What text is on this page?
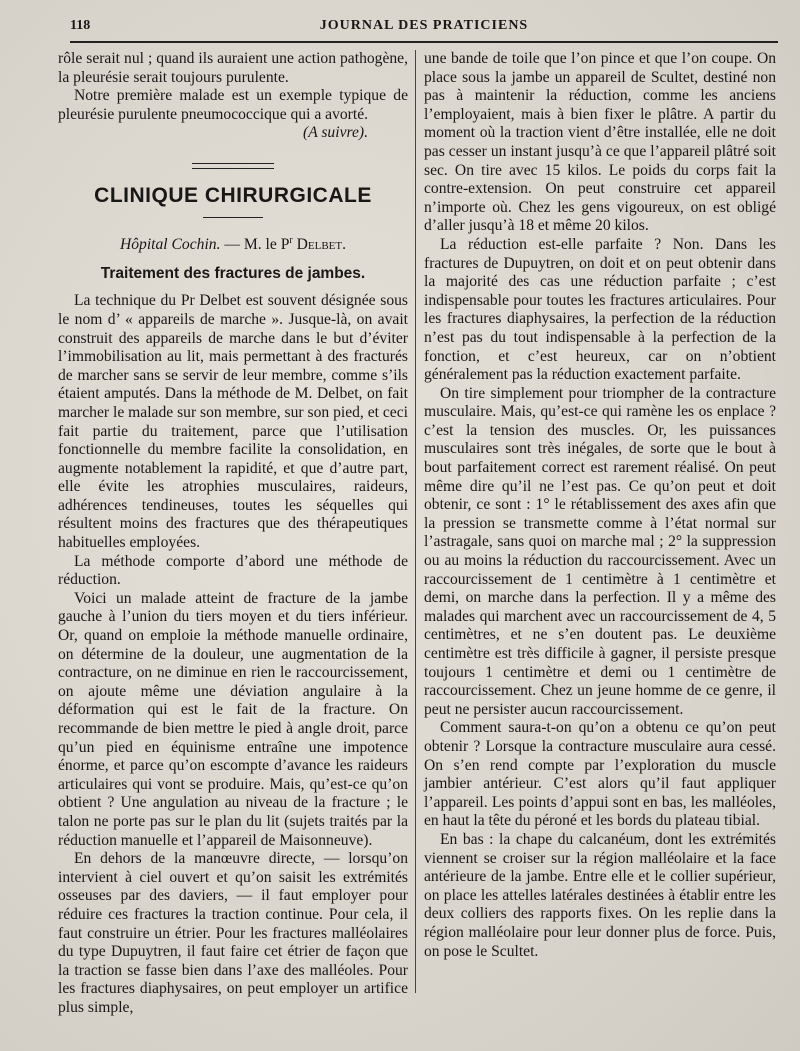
118	JOURNAL DES PRATICIENS

rôle serait nul ; quand ils auraient une action pathogène, la pleurésie serait toujours purulente.

Notre première malade est un exemple typique de pleurésie purulente pneumococcique qui a avorté.

(A suivre).

CLINIQUE CHIRURGICALE
Hôpital Cochin. — M. le $P^r$ Delbet.
Traitement des fractures de jambes.

La technique du Pr Delbet est souvent désignée sous le nom d’ « appareils de marche ». Jusque-là, on avait construit des appareils de marche dans le but d’éviter l’immobilisation au lit, mais permettant à des fracturés de marcher sans se servir de leur membre, comme s’ils étaient amputés. Dans la méthode de M. Delbet, on fait marcher le malade sur son membre, sur son pied, et ceci fait partie du traitement, parce que l’utilisation fonctionnelle du membre facilite la consolidation, en augmente notablement la rapidité, et que d’autre part, elle évite les atrophies musculaires, raideurs, adhérences tendineuses, toutes les séquelles qui résultent moins des fractures que des thérapeutiques habituelles employées.

La méthode comporte d’abord une méthode de réduction.

Voici un malade atteint de fracture de la jambe gauche à l’union du tiers moyen et du tiers inférieur. Or, quand on emploie la méthode manuelle ordinaire, on détermine de la douleur, une augmentation de la contracture, on ne diminue en rien le raccourcissement, on ajoute même une déviation angulaire à la déformation qui est le fait de la fracture. On recommande de bien mettre le pied à angle droit, parce qu’un pied en équinisme entraîne une impotence énorme, et parce qu’on escompte d’avance les raideurs articulaires qui vont se produire. Mais, qu’est-ce qu’on obtient ? Une angulation au niveau de la fracture ; le talon ne porte pas sur le plan du lit (sujets traités par la réduction manuelle et l’appareil de Maisonneuve).

En dehors de la manœuvre directe, — lorsqu’on intervient à ciel ouvert et qu’on saisit les extrémités osseuses par des daviers, — il faut employer pour réduire ces fractures la traction continue. Pour cela, il faut construire un étrier. Pour les fractures malléolaires du type Dupuytren, il faut faire cet étrier de façon que la traction se fasse bien dans l’axe des malléoles. Pour les fractures diaphysaires, on peut employer un artifice plus simple,

une bande de toile que l’on pince et que l’on coupe. On place sous la jambe un appareil de Scultet, destiné non pas à maintenir la réduction, comme les anciens l’employaient, mais à bien fixer le plâtre. A partir du moment où la traction vient d’être installée, elle ne doit pas cesser un instant jusqu’à ce que l’appareil plâtré soit sec. On tire avec 15 kilos. Le poids du corps fait la contre-extension. On peut construire cet appareil n’importe où. Chez les gens vigoureux, on est obligé d’aller jusqu’à 18 et même 20 kilos.

La réduction est-elle parfaite ? Non. Dans les fractures de Dupuytren, on doit et on peut obtenir dans la majorité des cas une réduction parfaite ; c’est indispensable pour toutes les fractures articulaires. Pour les fractures diaphysaires, la perfection de la réduction n’est pas du tout indispensable à la perfection de la fonction, et c’est heureux, car on n’obtient généralement pas la réduction exactement parfaite.

On tire simplement pour triompher de la contracture musculaire. Mais, qu’est-ce qui ramène les os enplace ? c’est la tension des muscles. Or, les puissances musculaires sont très inégales, de sorte que le bout à bout parfaitement correct est rarement réalisé. On peut même dire qu’il ne l’est pas. Ce qu’on peut et doit obtenir, ce sont : 1° le rétablissement des axes afin que la pression se transmette comme à l’état normal sur l’astragale, sans quoi on marche mal ; 2° la suppression ou au moins la réduction du raccourcissement. Avec un raccourcissement de 1 centimètre à 1 centimètre et demi, on marche dans la perfection. Il y a même des malades qui marchent avec un raccourcissement de 4, 5 centimètres, et ne s’en doutent pas. Le deuxième centimètre est très difficile à gagner, il persiste presque toujours 1 centimètre et demi ou 1 centimètre de raccourcissement. Chez un jeune homme de ce genre, il peut ne persister aucun raccourcissement.

Comment saura-t-on qu’on a obtenu ce qu’on peut obtenir ? Lorsque la contracture musculaire aura cessé. On s’en rend compte par l’exploration du muscle jambier antérieur. C’est alors qu’il faut appliquer l’appareil. Les points d’appui sont en bas, les malléoles, en haut la tête du péroné et les bords du plateau tibial.

En bas : la chape du calcanéum, dont les extrémités viennent se croiser sur la région malléolaire et la face antérieure de la jambe. Entre elle et le collier supérieur, on place les attelles latérales destinées à établir entre les deux colliers des rapports fixes. On les replie dans la région malléolaire pour leur donner plus de force. Puis, on pose le Scultet.
